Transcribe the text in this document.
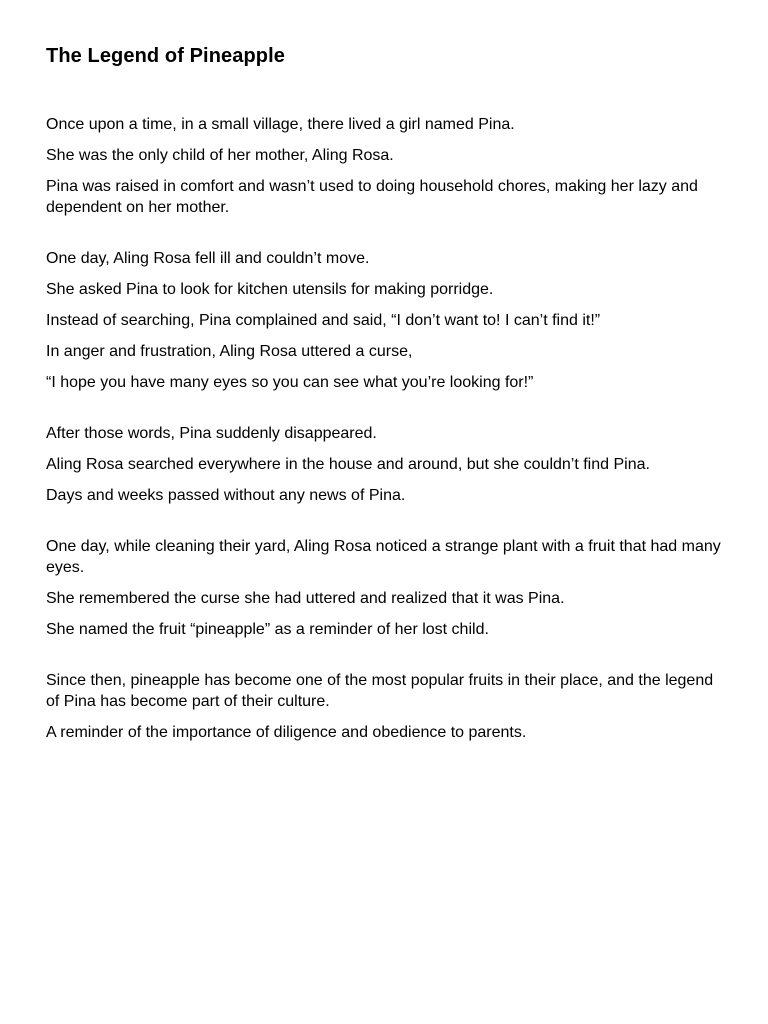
The Legend of Pineapple

Once upon a time, in a small village, there lived a girl named Pina.

She was the only child of her mother, Aling Rosa.

Pina was raised in comfort and wasn’t used to doing household chores, making her lazy and dependent on her mother.

One day, Aling Rosa fell ill and couldn’t move.

She asked Pina to look for kitchen utensils for making porridge.

Instead of searching, Pina complained and said, “I don’t want to! I can’t find it!”

In anger and frustration, Aling Rosa uttered a curse,

“I hope you have many eyes so you can see what you’re looking for!”

After those words, Pina suddenly disappeared.

Aling Rosa searched everywhere in the house and around, but she couldn’t find Pina.

Days and weeks passed without any news of Pina.

One day, while cleaning their yard, Aling Rosa noticed a strange plant with a fruit that had many eyes.

She remembered the curse she had uttered and realized that it was Pina.

She named the fruit “pineapple” as a reminder of her lost child.

Since then, pineapple has become one of the most popular fruits in their place, and the legend of Pina has become part of their culture.

A reminder of the importance of diligence and obedience to parents.
